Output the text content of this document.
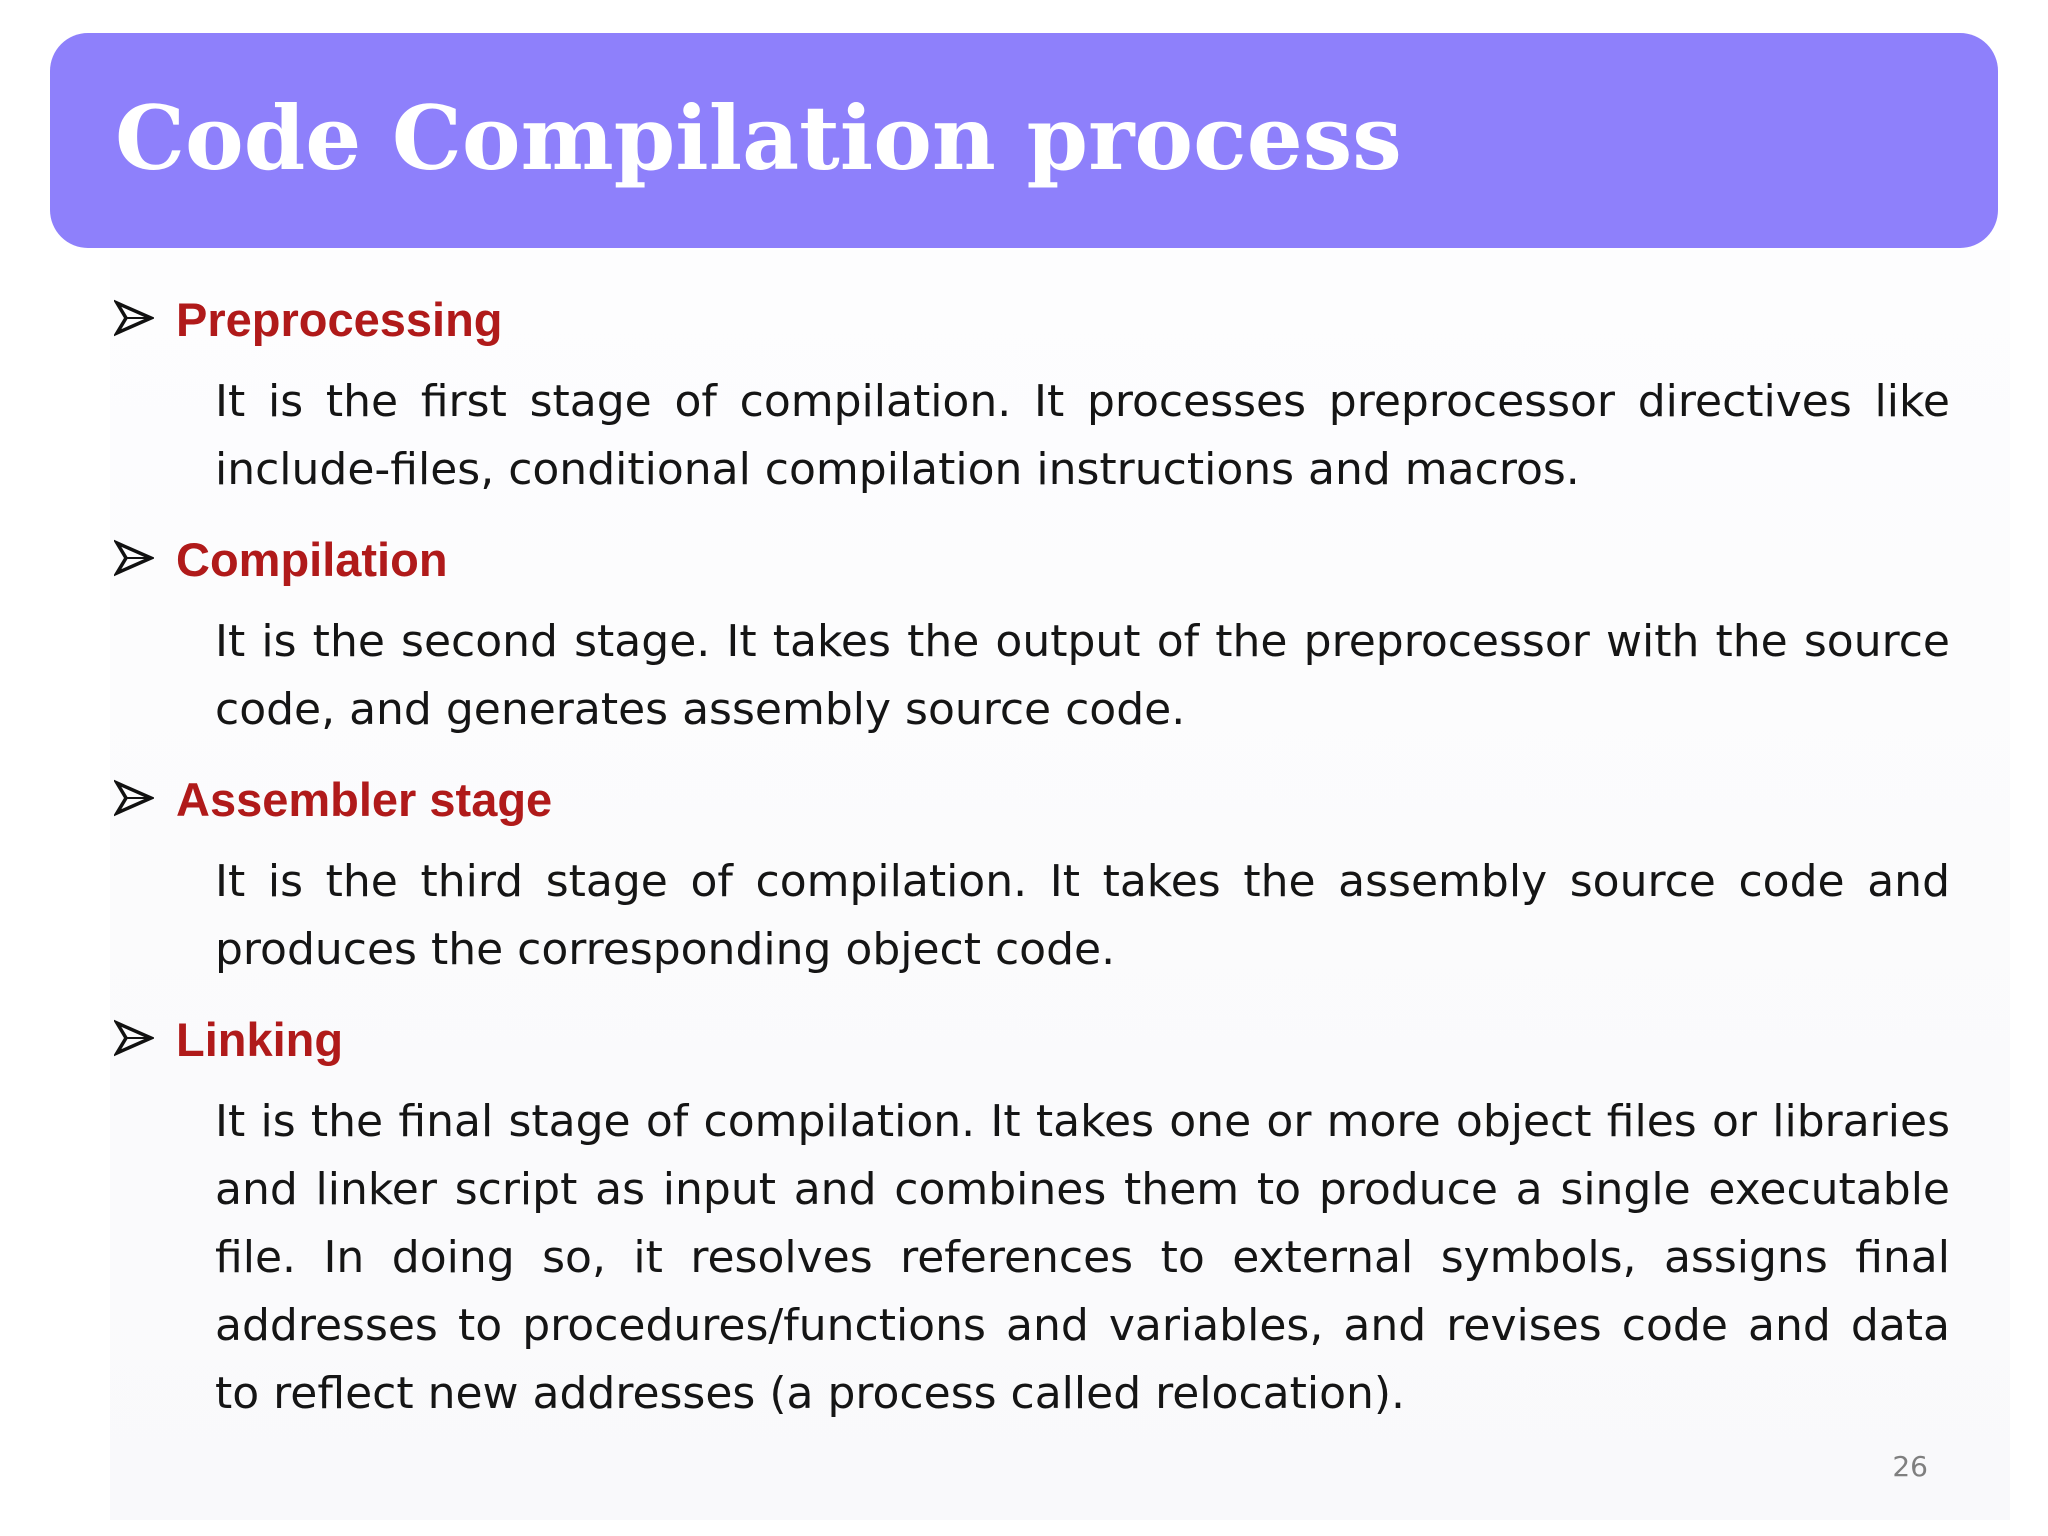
Code Compilation process
Preprocessing
It is the first stage of compilation. It processes preprocessor directives like include-files, conditional compilation instructions and macros.
Compilation
It is the second stage. It takes the output of the preprocessor with the source code, and generates assembly source code.
Assembler stage
It is the third stage of compilation. It takes the assembly source code and produces the corresponding object code.
Linking
It is the final stage of compilation. It takes one or more object files or libraries and linker script as input and combines them to produce a single executable file. In doing so, it resolves references to external symbols, assigns final addresses to procedures/functions and variables, and revises code and data to reflect new addresses (a process called relocation).
26
